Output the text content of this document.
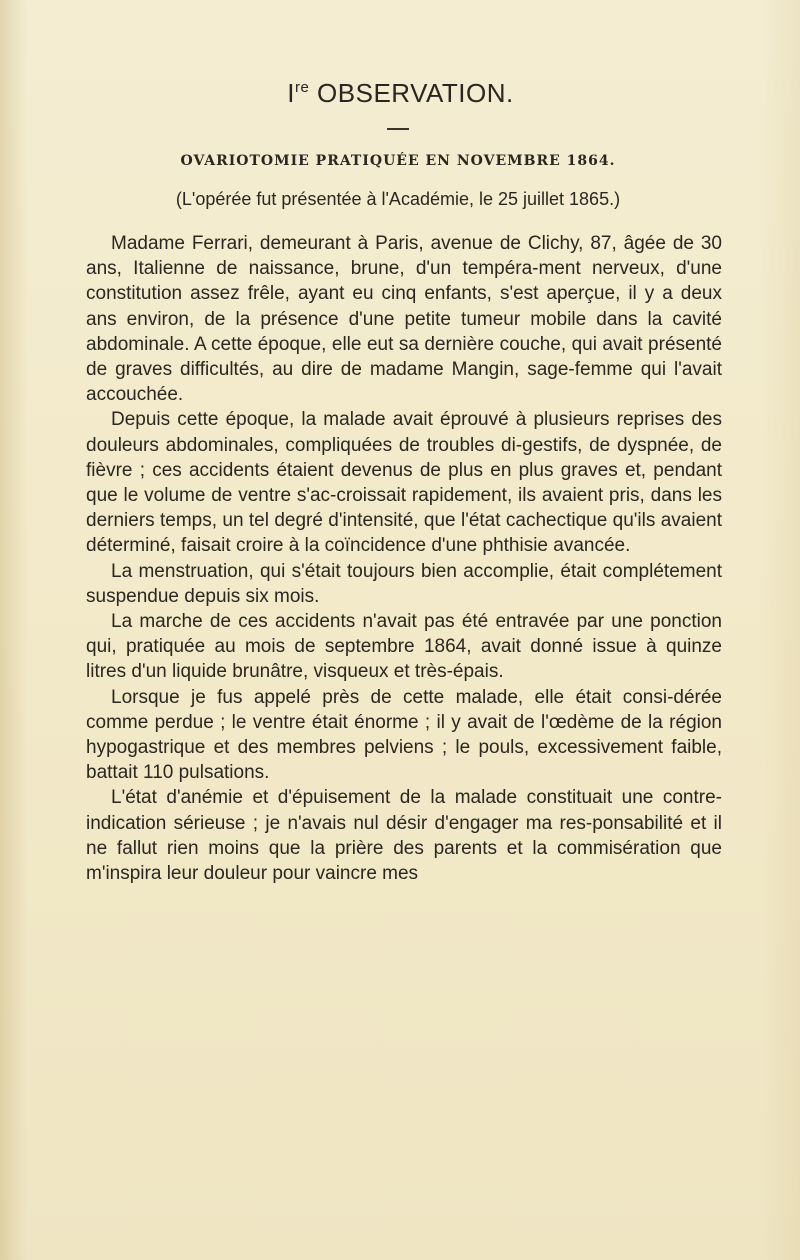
Ire OBSERVATION.
OVARIOTOMIE PRATIQUÉE EN NOVEMBRE 1864.
(L'opérée fut présentée à l'Académie, le 25 juillet 1865.)

Madame Ferrari, demeurant à Paris, avenue de Clichy, 87, âgée de 30 ans, Italienne de naissance, brune, d'un tempéra-ment nerveux, d'une constitution assez frêle, ayant eu cinq enfants, s'est aperçue, il y a deux ans environ, de la présence d'une petite tumeur mobile dans la cavité abdominale. A cette époque, elle eut sa dernière couche, qui avait présenté de graves difficultés, au dire de madame Mangin, sage-femme qui l'avait accouchée.

Depuis cette époque, la malade avait éprouvé à plusieurs reprises des douleurs abdominales, compliquées de troubles di-gestifs, de dyspnée, de fièvre ; ces accidents étaient devenus de plus en plus graves et, pendant que le volume de ventre s'ac-croissait rapidement, ils avaient pris, dans les derniers temps, un tel degré d'intensité, que l'état cachectique qu'ils avaient déterminé, faisait croire à la coïncidence d'une phthisie avancée.

La menstruation, qui s'était toujours bien accomplie, était complétement suspendue depuis six mois.

La marche de ces accidents n'avait pas été entravée par une ponction qui, pratiquée au mois de septembre 1864, avait donné issue à quinze litres d'un liquide brunâtre, visqueux et très-épais.

Lorsque je fus appelé près de cette malade, elle était consi-dérée comme perdue ; le ventre était énorme ; il y avait de l'œdème de la région hypogastrique et des membres pelviens ; le pouls, excessivement faible, battait 110 pulsations.

L'état d'anémie et d'épuisement de la malade constituait une contre-indication sérieuse ; je n'avais nul désir d'engager ma res-ponsabilité et il ne fallut rien moins que la prière des parents et la commisération que m'inspira leur douleur pour vaincre mes
